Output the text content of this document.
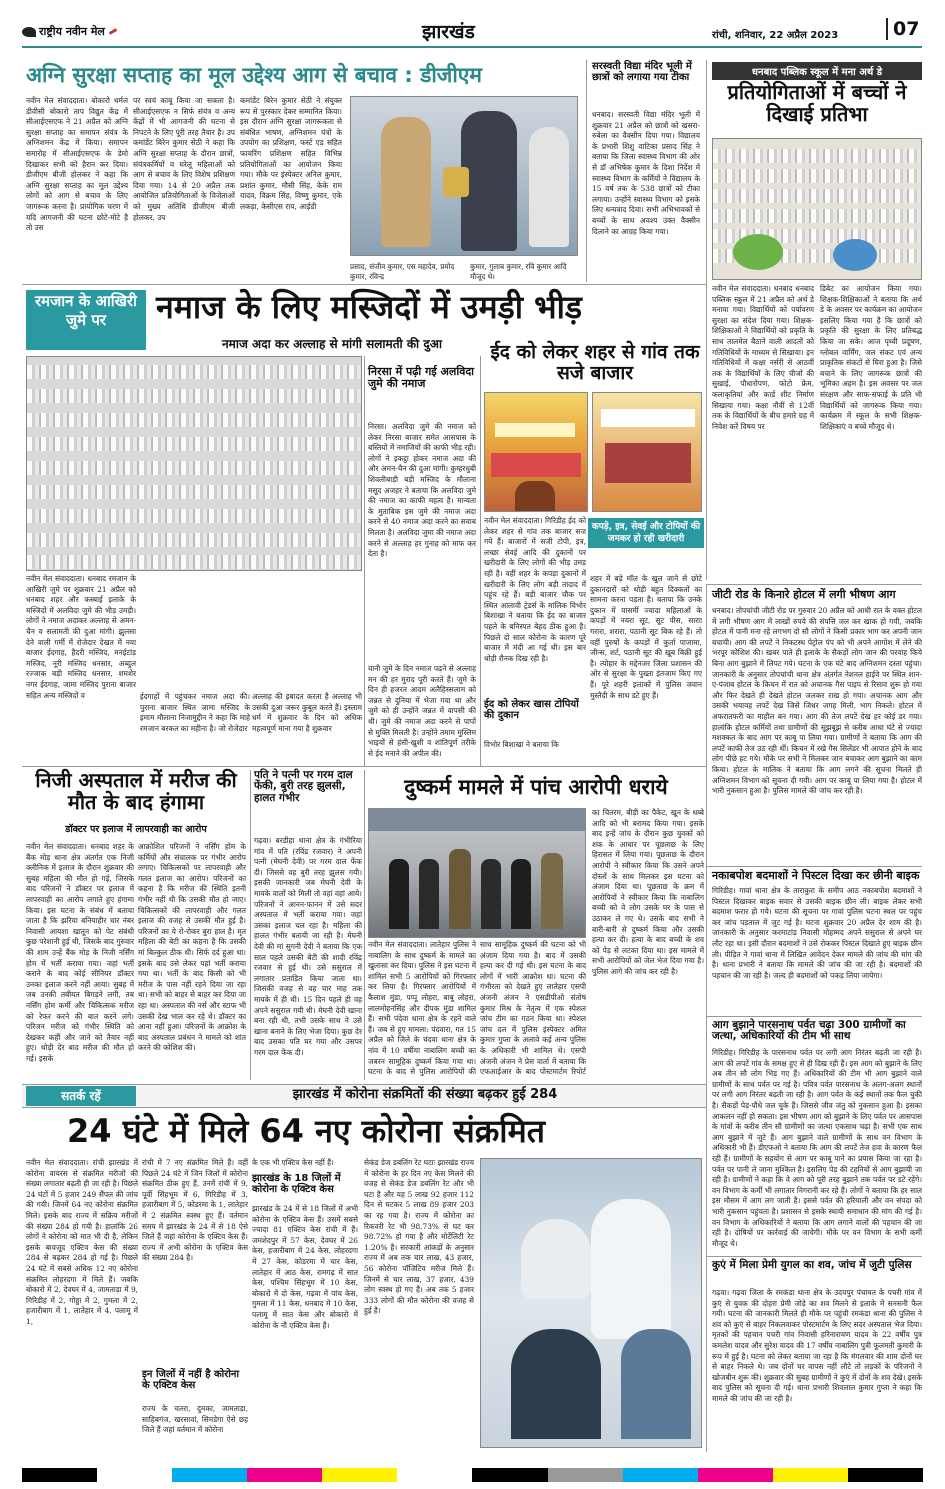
राष्ट्रीय नवीन मेल	झारखंड	रांची, शनिवार, 22 अप्रैल 2023	07
अग्नि सुरक्षा सप्ताह का मूल उद्देश्य आग से बचाव : डीजीएम
नवीन मेल संवाददाता। बोकारो थर्मल डीवीसी बोकारो ताप विद्युत केंद्र में सीआईएसएफ ने 21 अप्रैल को अग्नि सुरक्षा सप्ताह का समापन संयंत्र के अग्निशमन केंद्र में किया। समापन समारोह में सीआईएसएफ के डेमो दिखाकर सभी को हैरान कर दिया। डीजीएम बीजी होलकर ने कहा कि अग्नि सुरक्षा सप्ताह का मूल उद्देश्य लोगों को आग से बचाव के लिए जागरूक करना है। प्रायोगिक चरण में यदि आगजनी की घटना छोटे-मोटे है तो उस
पर स्वयं काबू किया जा सकता है। सीआईएसएफ न सिर्फ संयंत्र व अन्य केंद्रों में भी आगजनी की घटना से निपटने के लिए पूरी तरह तैयार है। उप कमांडेंट बिरेन कुमार सेठी ने कहा कि अग्नि सुरक्षा सप्ताह के दौरान छात्रों, संयंत्रकर्मियों व घरेलू महिलाओं को आग से बचाव के लिए विशेष प्रशिक्षण दिया गया। 14 से 20 अप्रैल तक आयोजित प्रतियोगिताओं के विजेताओं को मुख्य अतिथि डीजीएम बीजी होलकर, उप
कमांडेंट बिरेन कुमार सेठी ने संयुक्त रूप से पुरस्कार देकर सम्मानित किया। इस दौरान अग्नि सुरक्षा जागरूकता से संबंधित भाषण, अग्निशमन यंत्रों के उपयोग का प्रशिक्षण, फर्स्ट एड सहित फायरिंग प्रशिक्षण सहित विभिन्न प्रतियोगिताओं का आयोजन किया गया। मौके पर इंस्पेक्टर अनिल कुमार, प्रशांत कुमार, मौसी सिंह, केके राम यादव, विक्रम सिंह, विष्णु कुमार, एके लकड़ा, केसीएस राय, आईडी
प्रसाद, संजीव कुमार, एस महादेव, प्रमोद कुमार, रविन्द्र
कुमार, गुलाब कुमार, रवि कुमार आदि मौजूद थे।
सरस्वती विद्या मंदिर भूली में छात्रों को लगाया गया टीका
धनबाद। सरस्वती विद्या मंदिर भूली में शुक्रवार 21 अप्रैल को छात्रों को खसरा-रुबेला का वैक्सीन दिया गया। विद्यालय के प्रभारी शिशु वाटिका प्रसाद सिंह ने बताया कि जिला स्वास्थ्य विभाग की ओर से डॉ अभिषेक कुमार के दिशा निर्देश में स्वास्थ्य विभाग के कर्मियों ने विद्यालय के 15 वर्ष तक के 538 छात्रों को टीका लगाया। उन्होंने स्वास्थ्य विभाग को इसके लिए धन्यवाद दिया। सभी अभिभावकों से बच्चों के साथ अवश्य उक्त वैक्सीन दिलाने का आग्रह किया गया।
धनबाद पब्लिक स्कूल में मना अर्थ डे
प्रतियोगिताओं में बच्चों ने दिखाई प्रतिभा
नवीन मेल संवाददाता। धनबाद धनबाद पब्लिक स्कूल में 21 अप्रैल को अर्थ डे मनाया गया। विद्यार्थियों को पर्यावरण सुरक्षा का संदेश दिया गया। शिक्षक-शिक्षिकाओं ने विद्यार्थियों को प्रकृति के साथ तालमेल बैठाने वाली आदतों को गतिविधियों के माध्यम से सिखाया। इन गतिविधियों में कक्षा नर्सरी से आठवीं तक के विद्यार्थियों के लिए चीजों की सुखाई, पौधारोपण, फोटो फ्रेम, कलाकृतियां और कार्ड शीट निर्माण सिखाया गया। कक्षा नौवीं से 12वीं तक के विद्यार्थियों के बीच हमारे ग्रह में निवेश करें विषय पर
डिबेट का आयोजन किया गया। शिक्षक-शिक्षिकाओं ने बताया कि अर्थ डे के अवसर पर कार्यक्रम का आयोजन इसलिए किया गया है कि छात्रों को प्रकृति की सुरक्षा के लिए प्रतिबद्ध किया जा सके। आज पृथ्वी प्रदूषण, ग्लोबल वार्मिंग, जल संकट एवं अन्य प्राकृतिक संकटों से घिरा हुआ है। जिसे बचाने के लिए जागरूक छात्रों की भूमिका अहम है। इस अवसर पर जल संरक्षण और साफ-सफाई के प्रति भी विद्यार्थियों को जागरूक किया गया। कार्यक्रम में स्कूल के सभी शिक्षक-शिक्षिकाएं व बच्चे मौजूद थे।
रमजान के आखिरी जुमे पर	नमाज के लिए मस्जिदों में उमड़ी भीड़
नमाज अदा कर अल्लाह से मांगी सलामती की दुआ
नवीन मेल संवाददाता। धनबाद रमजान के आखिरी जुमे पर शुक्रवार 21 अप्रैल को धनबाद शहर और कस्बाई इलाके के मस्जिदों में अलविदा जुमे की भीड़ उमड़ी। लोगों ने नमाज अदाकर अल्लाह से अमन-चैन व सलामती की दुआ मांगी। झुलसा देने वाली गर्मी में रोजेदार देखत में नया बाजार ईदगाह, हैदरी मस्जिद, मनईटांड़ मस्जिद, नूरी मस्जिद धनसार, अब्दुल रज्जाक बड़ी मस्जिद धनसार, शमशेर नगर ईदगाह, जामा मस्जिद पुराना बाजार सहित अन्य मस्जिदों व	ईदगाहों में पहुंचकर नमाज अदा की। पुराना बाजार स्थित जामा मस्जिद के इमाम मौलाना निजामुद्दीन ने कहा कि माहे रमजान बरकत का महीना है। जो रोजेदार
अल्लाह की इबादत करता है अल्लाह भी उसकी दुआ जरूर कुबूल करते हैं। इस्लाम धर्म में शुक्रवार के दिन को अधिक महत्वपूर्ण माना गया है शुक्रवार
निरसा में पढ़ी गई अलविदा जुमे की नमाज
निरसा। अलविदा जुमे की नमाज को लेकर निरसा बाजार समेत आसपास के बस्तियों में नमाजियों की काफी भीड़ रही। लोगों ने इकट्ठा होकर नमाज अदा की और अमन-चैन की दुआ मांगी। कुम्हरधुबी शिवलीबाड़ी बड़ी मस्जिद के मौलाना मसूद अजहर ने बताया कि अलविदा जुमे की नमाज का काफी महत्व है। मान्यता के मुताबिक इस जुमे की नमाज अदा करने से 40 नमाज अदा करने का सवाब मिलता है। अलविदा जुमा की नमाज अदा करने से अल्लाह हर गुनाह को माफ कर देता है।
यानी जुमे के दिन नमाज पढ़ने से अल्लाह मन की हर मुराद पूरी करते हैं। जुमे के दिन ही हजरत आदम अलैहिस्सलाम को जन्नत से दुनिया में भेजा गया था और जुमे को ही उन्होंने जन्नत में वापसी की थी। जुमे की नमाज अदा करने से पापों से मुक्ति मिलती है। उन्होंने तमाम मुस्लिम भाइयों से हंसी-खुशी व शांतिपूर्ण तरीके से ईद मनाने की अपील की।
ईद को लेकर शहर से गांव तक सजे बाजार
कपड़े, इत्र, सेवई और टोपियों की जमकर हो रही खरीदारी
नवीन मेल संवाददाता। गिरिडीह ईद को लेकर शहर से गांव तक बाजार सज गये हैं। बाजारों में सजी टोपी, इत्र, लच्छा सेवई आदि की दुकानों पर खरीदारी के लिए लोगों की भीड़ उमड़ रही है। वहीं शहर के कपड़ा दुकानों में खरीदारी के लिए लोग बड़ी तादाद में पहुंच रहे हैं। बड़ी बाजार चौक पर स्थित आलावी ट्रेडर्स के मालिक विभोर बिशाखा ने बताया कि ईद का बाजार पहले के बनिस्पत बेहद ठीक हुआ है। पिछले दो साल कोरोना के कारण पूरे बाजार में मंदी आ गई थी। इस बार थोड़ी रौनक दिख रही है।
ईद को लेकर खास टोपियों की दुकान
विभोर बिशाखा ने बताया कि
शहर में बड़े मॉल के खुल जाने से छोटे दुकानदारों को थोड़ी बहुत दिक्कतों का सामना करना पड़ता है। बताया कि उनके दुकान में यासमीं ज्यादा महिलाओं के कपड़ों में नयरा सूट, सूट पीस, साराा गरारा, शरारा, पठानी सूट बिक रहे हैं। तो वहीं पुरुषों के कपड़ों में कुर्ता पाजामा, जीन्स, शर्ट, पठानी सूट की खूब बिक्री हुई है। त्योहार के मद्देनजर जिला प्रशासन की ओर से सुरक्षा के पुख्ता इंतजाम किए गए हैं। पूरे शहरी इलाकों में पुलिस जवान मुस्तैदी के साथ डटे हुए हैं।
जीटी रोड के किनारे होटल में लगी भीषण आग
धनबाद। तोपचांची जीटी रोड पर गुरुवार 20 अप्रैल को आधी रात के वक्त होटल में लगी भीषण आग में लाखों रुपये की संपत्ति जल कर खाक हो गयी, जबकि होटल में पानी मना रहे लगभग दो सौ लोगों ने किसी प्रकार भाग कर अपनी जान बचायी। आग की लपटें ने निकटस्थ पेट्रोल पंप को भी अपने आगोश में लेने की भरपूर कोशिश की। खबर पाते ही इलाके के सैकड़ों लोग जान की परवाह किये बिना आग बुझाने में लिपट गये। घटना के एक घंटे बाद अग्निशमन दस्ता पहुंचा। जानकारी के अनुसार तोपचांची थाना क्षेत्र अंतर्गत नेशनल हाईवे पर स्थित शान-ए-पंजाब होटल के किचन में रात को अचानक गैस पाइप से रिसाव शुरू हो गया और फिर देखते ही देखते होटल जलकर राख हो गया। अचानक आग और उसकी भयावह लपटें देख जिसे जिधर जगह मिली, भाग निकले। होटल में अफरातफरी का माहौल बन गया। आग की तेज लपटें देख हर कोई डर गया। हालांकि होटल कर्मियों तथा ग्रामीणों की सूझबूझ से करीब आधा घंटे से ज्यादा मशक्कत के बाद आग पर काबू पा लिया गया। ग्रामीणों ने बताया कि आग की लपटें काफी तेज उठ रही थीं। किचन में रखे गैस सिलेंडर भी आपात होने के बाद लोग पीछे हट गये। मौके पर सभी ने मिलकर जान बचाकर आग बुझाने का काम किया। होटल के मालिक ने बताया कि आग लगने की सूचना मिलते ही अग्निशमन विभाग को सूचना दी गयी। आग पर काबू पा लिया गया है। होटल में भारी नुकसान हुआ है। पुलिस मामले की जांच कर रही है।
नकाबपोश बदमाशों ने पिस्टल दिखा कर छीनी बाइक
गिरिडीह। गावां थाना क्षेत्र के ताराकुरा के समीप आठ नकाबपोश बदमाशों ने पिस्टल दिखाकर बाइक सवार से उसकी बाइक छीन ली। बाइक लेकर सभी बदमाश फरार हो गये। घटना की सूचना पर गावां पुलिस घटना स्थल पर पहुंच कर जांच पड़ताल में जुट गई है। घटना शुक्रवार 20 अप्रैल देर शाम की है। जानकारी के अनुसार करमाटांड़ निवासी मोहम्मद अपने ससुराल से अपने घर लौट रहा था। इसी दौरान बदमाशों ने उसे रोककर पिस्टल दिखाते हुए बाइक छीन ली। पीड़ित ने गावां थाना में लिखित आवेदन देकर मामले की जांच की मांग की है। थाना प्रभारी ने बताया कि मामले की जांच की जा रही है। बदमाशों की पहचान की जा रही है। जल्द ही बदमाशों को पकड़ लिया जायेगा।
आग बुझाने पारसनाथ पर्वत चढ़ा 300 ग्रामीणों का जत्था, अधिकारियों की टीम भी साथ
गिरिडीह। गिरिडीह के पारसनाथ पर्वत पर लगी आग निरंतर बढ़ती जा रही है। आग की लपटें गांव के समक्ष हुए से ही दिख रही हैं। इस आग को बुझाने के लिए अब तीन सौ लोग भिड़ गए हैं। अधिकारियों की टीम भी आग बुझाने वाले ग्रामीणों के साथ पर्वत पर गई है। पवित्र पर्वत पारसनाथ के अलग-अलग स्थानों पर लगी आग निरंतर बढ़ती जा रही है। आग पर्वत के कई स्थानों तक फैल चुकी है। सैकड़ों पेड़-पौधे जल चुके हैं। जिससे जीव जंतु को नुकसान हुआ है। इसका आकलन नहीं हो सकता। इस भीषण आग को बुझाने के लिए पर्वत पर आसपास के गांवों के करीब तीन सौ ग्रामीणों का जत्था एकसाथ चढ़ा है। सभी एक साथ आग बुझाने में जुटे हैं। आग बुझाने वाले ग्रामीणों के साथ वन विभाग के अधिकारी भी हैं। डीएफओ ने बताया कि आग की लपटें तेज हवा के कारण फैल रही हैं। ग्रामीणों के सहयोग से आग पर काबू पाने का प्रयास किया जा रहा है। पर्वत पर पानी ले जाना मुश्किल है। इसलिए पेड़ की टहनियों से आग बुझायी जा रही है। ग्रामीणों ने कहा कि वे आग को पूरी तरह बुझाने तक पर्वत पर डटे रहेंगे। वन विभाग के कर्मी भी लगातार निगरानी कर रहे हैं। लोगों ने बताया कि हर साल इस मौसम में आग लग जाती है। इससे पर्वत की हरियाली और वन संपदा को भारी नुकसान पहुंचता है। प्रशासन से इसके स्थायी समाधान की मांग की गई है। वन विभाग के अधिकारियों ने बताया कि आग लगाने वालों की पहचान की जा रही है। दोषियों पर कार्रवाई की जायेगी। मौके पर वन विभाग के सभी कर्मी मौजूद थे।
कुएं में मिला प्रेमी युगल का शव, जांच में जुटी पुलिस
गढ़वा। गढ़वा जिला के रमकंडा थाना क्षेत्र के उदयपुर पंचायत के पचरी गांव में कुएं से युवक की दोहरा प्रेमी जोड़े का शव मिलने से इलाके में सनसनी फैल गयी। घटना की जानकारी मिलते ही मौके पर पहुंची रमकंडा थाना की पुलिस ने शव को कुएं से बाहर निकलवाकर पोस्टमार्टम के लिए सदर अस्पताल भेज दिया। मृतकों की पहचान पचरी गांव निवासी हरिनारायण यादव के 22 वर्षीय पुत्र कमलेश यादव और सुरेश यादव की 17 वर्षीय नाबालिग पुत्री फूलमती कुमारी के रूप में हुई है। घटना को लेकर बताया जा रहा है कि मंगलवार की शाम दोनों घर से बाहर निकले थे। जब दोनों घर वापस नहीं लौटे तो लड़कों के परिजनों ने खोजबीन शुरू की। शुक्रवार की सुबह ग्रामीणों ने कुएं में दोनों के शव देखे। इसके बाद पुलिस को सूचना दी गई। थाना प्रभारी शिवलाल कुमार गुप्ता ने कहा कि मामले की जांच की जा रही है।
निजी अस्पताल में मरीज की मौत के बाद हंगामा
डॉक्टर पर इलाज में लापरवाही का आरोप
नवीन मेल संवाददाता। धनबाद शहर के बैंक मोड़ थाना क्षेत्र अंतर्गत एक निजी क्लीनिक में इलाज के दौरान शुक्रवार की सुबह महिला की मौत हो गई, जिसके बाद परिजनों ने डॉक्टर पर इलाज में लापरवाही का आरोप लगाते हुए हंगामा किया। इस घटना के संबंध में बताया जाता है कि झरिया बनियाहीर चार नंबर निवासी आयशा खातून को पेट संबंधी कुछ परेशानी हुई थी, जिसके बाद गुरुवार की शाम उन्हें बैंक मोड़ के निजी नर्सिंग होम में भर्ती कराया गया। जहां भर्ती कराने के बाद कोई सीनियर डॉक्टर उनका इलाज करने नहीं आया। सुबह में जब उनकी तबीयत बिगड़ने लगी, तब नर्सिंग होम कर्मी और चिकित्सक मरीज को रेफर करने की बात करने लगे। परिजन मरीज को गंभीर स्थिति को देखकर कहीं और जाने को तैयार नहीं हुए। थोड़ी देर बाद मरीज की मौत हो गई। इसके
आक्रोशित परिजनों ने नर्सिंग होम के कर्मियों और संचालक पर गंभीर आरोप लगाए। चिकित्सकों पर लापरवाही और गलत इलाज का आरोप। परिजनों का कहना है कि मरीज की स्थिति इतनी गंभीर नहीं थी कि उसकी मौत हो जाए। चिकित्सकों की लापरवाही और गलत इलाज की वजह से उसकी मौत हुई है। परिजनों का ये रो-रोकर बुरा हाल है। मृत महिला की बेटी का कहना है कि उसकी मां बिल्कुल ठीक थी। सिर्फ दर्द हुआ था। इसके बाद उसे लेकर यहां भर्ती कराया गया था। भर्ती के बाद किसी को भी मरीज के पास नहीं रहने दिया जा रहा था। सभी को बाहर से बाहर कर दिया जा रहा था। अस्पताल की नर्स और स्टाफ भी उसकी देख भाल कर रहे थे। डॉक्टर का आना नहीं हुआ। परिजनों के आक्रोश के बाद अस्पताल प्रबंधन ने मामले को शांत करने की कोशिश की।
पति ने पत्नी पर गरम दाल फेंकी, बुरी तरह झुलसी, हालत गंभीर
गढ़वा। बरडीहा थाना क्षेत्र के गंभीरिया गांव में पति (रविंद्र रजवार) ने अपनी पत्नी (मेघनी देवी) पर गरम दाल फेंक दी। जिससे वह बुरी तरह झुलस गयी। इसकी जानकारी जब मेघनी देवी के मायके वालों को मिली तो वहां वहां आये। परिजनों ने आनन-फानन में उसे सदर अस्पताल में भर्ती कराया गया। जहां उसका इलाज चल रहा है। महिला की हालत गंभीर बतायी जा रही है। मेघनी देवी की मां सुगनी देवी ने बताया कि एक साल पहले उसकी बेटी की शादी रविंद्र रजवार से हुई थी। उसे ससुराल में लगातार प्रताड़ित किया जाता था। जिसकी वजह से वह चार माह तक मायके में ही थी। 15 दिन पहले ही वह अपने ससुराल गयी थी। मेघनी देवी खाना बना रही थी, तभी उसके साथ ने उसे खाना बनाने के लिए भेजा दिया। कुछ देर बाद उसका पति घर गया और उसपर गरम दाल फेंक दी।
दुष्कर्म मामले में पांच आरोपी धराये
नवीन मेल संवाददाता। लातेहार पुलिस ने नाबालिग के साथ दुष्कर्म के मामले का खुलासा कर दिया। पुलिस ने इस घटना में शामिल सभी 5 आरोपियों को गिरफ्तार कर लिया है। गिरफ्तार आरोपियों में कैलाश मुंडा, पप्पू लोहरा, बाबू लोहरा, लालमोहनसिंह और दीपक मुंडा शामिल हैं। सभी पंदेवा थाना क्षेत्र के रहने वाले हैं। जब से हुए मामला: पंदवारा, गत 15 अप्रैल को जिले के चंदवा थाना क्षेत्र के नांव में 10 वर्षीया नाबालिग बच्ची का जबरन सामूहिक दुष्कर्म किया गया था। घटना के बाद से पुलिस आरोपियों की
साथ सामूहिक दुष्कर्म की घटना को भी अंजाम दिया गया है। बाद में उसकी हत्या कर दी गई थी। इस घटना के बाद लोगों में भारी आक्रोश था। घटना की गंभीरता को देखते हुए लातेहार एसपी अंजनी अंजन ने एसडीपीओ संतोष कुमार मिश्र के नेतृत्व में एक स्पेशल जांच टीम का गठन किया था। स्पेशल जांच दल में पुलिस इंस्पेक्टर अमित कुमार गुप्ता के अलावे कई अन्य पुलिस के अधिकारी भी शामिल थे। एसपी अंजनी अंजन ने प्रेस वार्ता में बताया कि एफआईआर के बाद पोस्टमार्टम रिपोर्ट
का चितरम, बीड़ी का पैकेट, खून के धब्बे आदि को भी बरामद किया गया। इसके बाद इन्हें जांच के दौरान कुछ युवकों को शक के आधार पर पूछताछ के लिए हिरासत में लिया गया। पूछताछ के दौरान आरोपी ने स्वीकार किया कि उसने अपने दोस्तों के साथ मिलकर इस घटना को अंजाम दिया था। पूछताछ के क्रम में आरोपियों ने स्वीकार किया कि नाबालिग बच्ची को वे लोग उसके घर के पास से उठाकर ले गए थे। उसके बाद सभी ने बारी-बारी से दुष्कर्म किया और उसकी हत्या कर दी। हत्या के बाद बच्ची के शव को पेड़ से लटका दिया था। इस मामले में सभी आरोपियों को जेल भेज दिया गया है। पुलिस आगे की जांच कर रही है।
सतर्क रहें	झारखंड में कोरोना संक्रमितों की संख्या बढ़कर हुई 284
24 घंटे में मिले 64 नए कोरोना संक्रमित
नवीन मेल संवाददाता। रांची झारखंड में कोरोना वायरस से संक्रमित मरीजों की संख्या लगातार बढ़ती ही जा रही है। पिछले 24 घंटों में 5 हजार 249 सैंपल की जांच की गयी। जिनमें 64 नए कोरोना संक्रमित मिले। इसके बाद राज्य में सक्रिय मरीजों की संख्या 284 हो गयी है। हालांकि 26 लोगों ने कोरोना को मात भी दी है, लेकिन इसके बावजूद एक्टिव केस की संख्या 284 से बढ़कर 284 हो गई है। पिछले 24 घंटे में सबसे अधिक 12 नए कोरोना संक्रमित लोहरदगा में मिले हैं। जबकि बोकारो में 2, देवघर में 4, जामताड़ा में 9, गिरिडीह में 2, गोड्डा में 2, गुमला में 2, हजारीबाग में 1, लातेहार में 4, पलामू में 1,
रांची में 7 नए संक्रमित मिले हैं। वहीं पिछले 24 घंटे में जिन जिलों में कोरोना संक्रमित ठीक हुए हैं, उनमें रांची में 9, पूर्वी सिंहभूम में 6, गिरिडीह में 3, हजारीबाग में 5, कोडरमा के 1, लातेहार में 2 संक्रमित स्वस्थ हुए हैं। वर्तमान समय में झारखंड के 24 में से 18 ऐसे जिले हैं जहां कोरोना के एक्टिव केस हैं। राज्य में अभी कोरोना के एक्टिव केस की संख्या 284 है।
इन जिलों में नहीं है कोरोना के एक्टिव केस
राज्य के चतरा, दुमका, जामताड़ा, साहिबगंज, खरसावां, सिमडेगा ऐसे छह जिले हैं जहां वर्तमान में कोरोना
के एक भी एक्टिव केस नहीं हैं।
झारखंड के 18 जिलों में कोरोना के एक्टिव केस
झारखंड के 24 में से 18 जिलों में अभी कोरोना के एक्टिव केस हैं। उसमें सबसे ज्यादा 81 एक्टिव केस रांची में हैं। जमशेदपुर में 57 केस, देवघर में 26 केस, हजारीबाग में 24 केस, लोहरदगा में 27 केस, कोडरमा में चार केस, लातेहार में आठ केस, रामगढ़ में सात केस, पश्चिम सिंहभूम में 10 केस, बोकारो में दो केस, गढ़वा में पांच केस, गुमला में 11 केस, धनबाद में 10 केस, पलामू में सात केस और बोकारो में कोरोना के नौ एक्टिव केस हैं।
सेकंड डेज डबलिंग रेट घटाः झारखंड राज्य में कोरोना के हर दिन नए केस मिलने की वजह से सेकंड डेज डबलिंग रेट और भी घटा है और यह 5 लाख 92 हजार 112 दिन से घटकर 5 लाख 89 हजार 203 का रह गया है। राज्य में कोरोना का रिकवरी रेट भी 98.73% से घट कर 98.72% हो गया है और मोर्टेलिटी रेट 1.20% है। सरकारी आंकड़ों के अनुसार राज्य में अब तक चार लाख, 43 हजार, 56 कोरोना पॉजिटिव मरीज मिले हैं। जिनमें से चार लाख, 37 हजार, 439 लोग स्वस्थ हो गए हैं। अब तक 5 हजार 333 लोगों की मौत कोरोना की वजह से हुई है।
